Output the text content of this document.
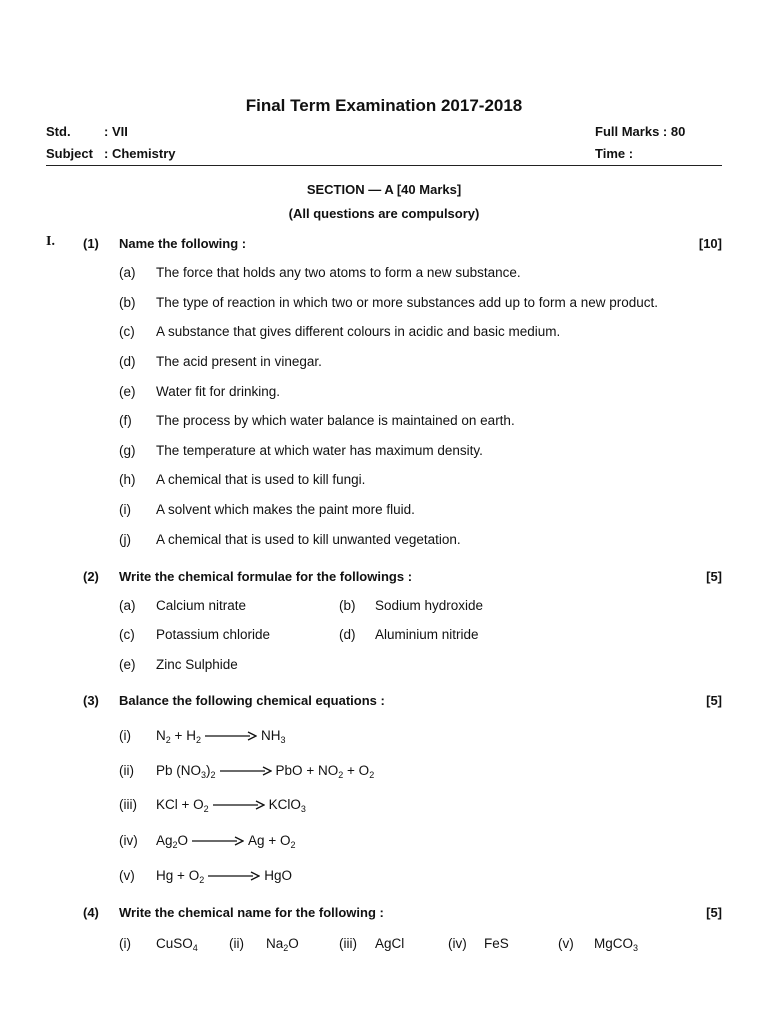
Final Term Examination 2017-2018
Std.	: VII	Full Marks : 80
Subject : Chemistry	Time :
SECTION — A [40 Marks]
(All questions are compulsory)
I. (1) Name the following :	[10]
(a) The force that holds any two atoms to form a new substance.
(b) The type of reaction in which two or more substances add up to form a new product.
(c) A substance that gives different colours in acidic and basic medium.
(d) The acid present in vinegar.
(e) Water fit for drinking.
(f) The process by which water balance is maintained on earth.
(g) The temperature at which water has maximum density.
(h) A chemical that is used to kill fungi.
(i) A solvent which makes the paint more fluid.
(j) A chemical that is used to kill unwanted vegetation.
(2) Write the chemical formulae for the followings :	[5]
(a) Calcium nitrate	(b) Sodium hydroxide
(c) Potassium chloride	(d) Aluminium nitride
(e) Zinc Sulphide
(3) Balance the following chemical equations :	[5]
(i) $N_2 + H_2$	$NH_3$
(ii) Pb $(NO_3)_2$	PbO + $NO_2 + O_2$
(iii) KCl + $O_2$	KClO$_3$
(iv) $Ag_2O$	$Ag + O_2$
(v) $Hg + O_2$	HgO
(4) Write the chemical name for the following :	[5]
(i) CuSO$_4$ (ii) $Na_2O$	(iii) AgCl	(iv) FeS	(v) MgCO$_3$
